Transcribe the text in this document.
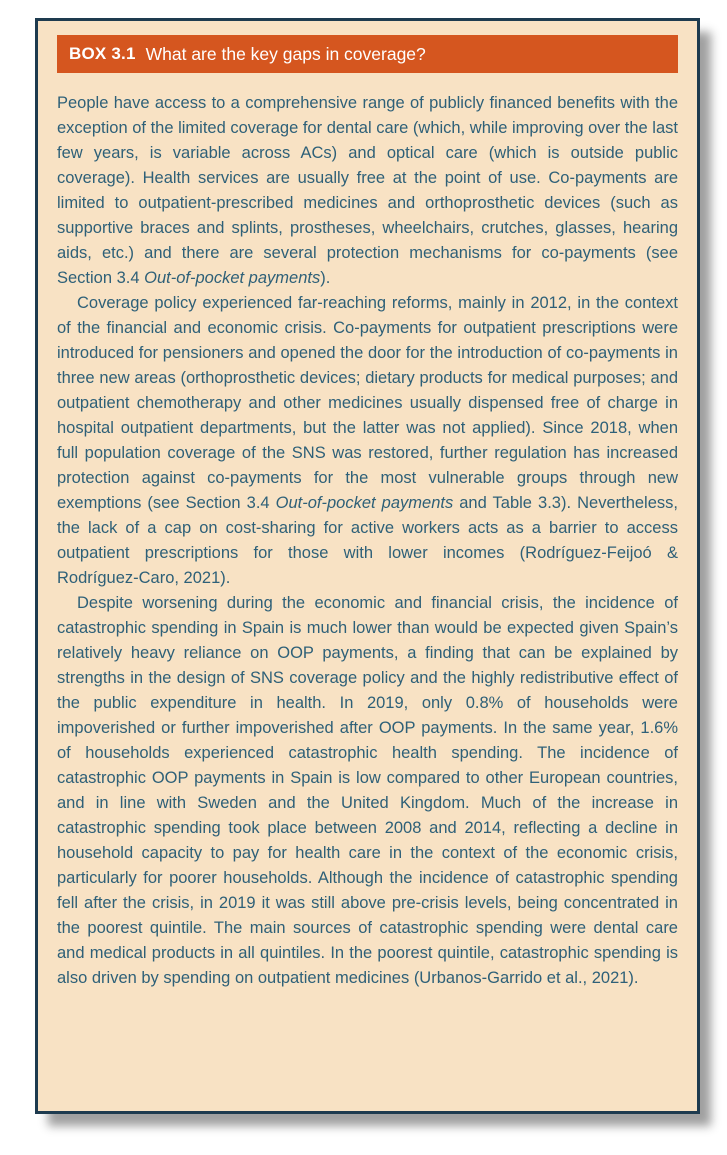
BOX 3.1 What are the key gaps in coverage?

People have access to a comprehensive range of publicly financed benefits with the exception of the limited coverage for dental care (which, while improving over the last few years, is variable across ACs) and optical care (which is outside public coverage). Health services are usually free at the point of use. Co-payments are limited to outpatient-prescribed medicines and orthoprosthetic devices (such as supportive braces and splints, prostheses, wheelchairs, crutches, glasses, hearing aids, etc.) and there are several protection mechanisms for co-payments (see Section 3.4 Out-of-pocket payments).

Coverage policy experienced far-reaching reforms, mainly in 2012, in the context of the financial and economic crisis. Co-payments for outpatient prescriptions were introduced for pensioners and opened the door for the introduction of co-payments in three new areas (orthoprosthetic devices; dietary products for medical purposes; and outpatient chemotherapy and other medicines usually dispensed free of charge in hospital outpatient departments, but the latter was not applied). Since 2018, when full population coverage of the SNS was restored, further regulation has increased protection against co-payments for the most vulnerable groups through new exemptions (see Section 3.4 Out-of-pocket payments and Table 3.3). Nevertheless, the lack of a cap on cost-sharing for active workers acts as a barrier to access outpatient prescriptions for those with lower incomes (Rodríguez-Feijoó & Rodríguez-Caro, 2021).

Despite worsening during the economic and financial crisis, the incidence of catastrophic spending in Spain is much lower than would be expected given Spain’s relatively heavy reliance on OOP payments, a finding that can be explained by strengths in the design of SNS coverage policy and the highly redistributive effect of the public expenditure in health. In 2019, only 0.8% of households were impoverished or further impoverished after OOP payments. In the same year, 1.6% of households experienced catastrophic health spending. The incidence of catastrophic OOP payments in Spain is low compared to other European countries, and in line with Sweden and the United Kingdom. Much of the increase in catastrophic spending took place between 2008 and 2014, reflecting a decline in household capacity to pay for health care in the context of the economic crisis, particularly for poorer households. Although the incidence of catastrophic spending fell after the crisis, in 2019 it was still above pre-crisis levels, being concentrated in the poorest quintile. The main sources of catastrophic spending were dental care and medical products in all quintiles. In the poorest quintile, catastrophic spending is also driven by spending on outpatient medicines (Urbanos-Garrido et al., 2021).
